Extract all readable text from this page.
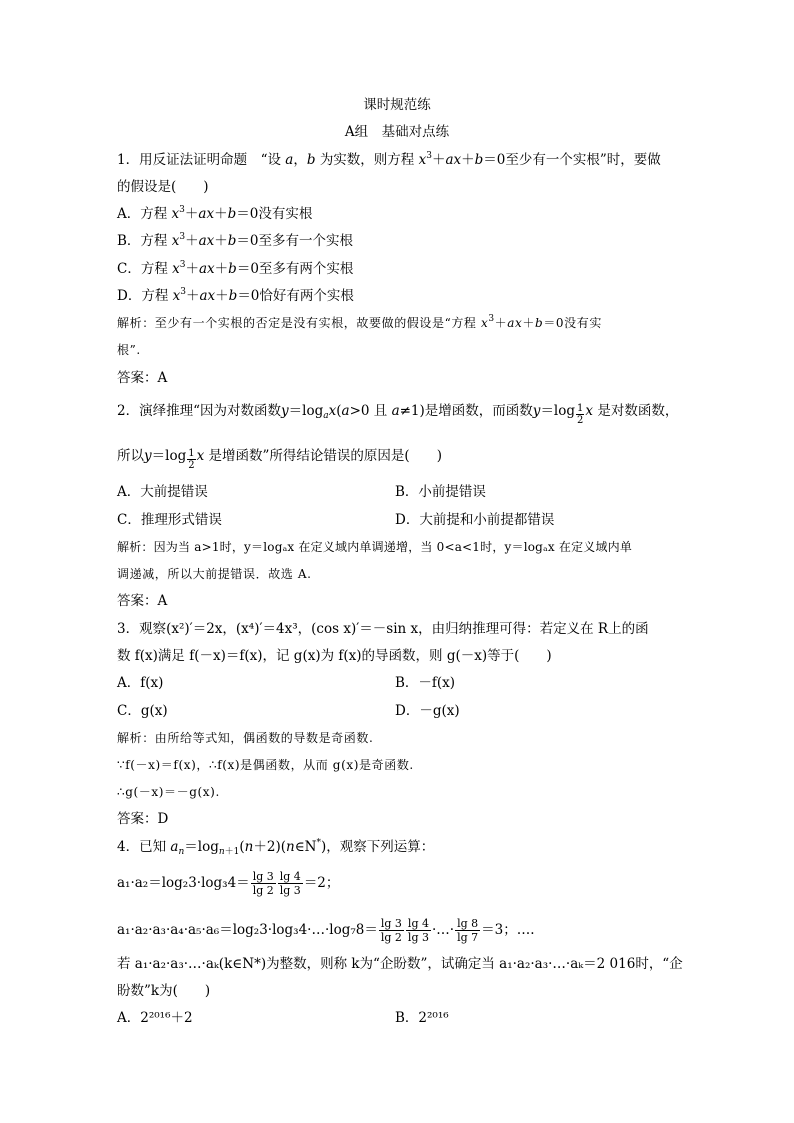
课时规范练
A组　基础对点练
1．用反证法证明命题　“设 a，b 为实数，则方程 $x^3+ax+b=0$至少有一个实根”时，要做
的假设是(　　)
A．方程 $x^3+ax+b=0$没有实根
B．方程 $x^3+ax+b=0$至多有一个实根
C．方程 $x^3+ax+b=0$至多有两个实根
D．方程 $x^3+ax+b=0$恰好有两个实根
解析：至少有一个实根的否定是没有实根，故要做的假设是“方程 $x^3+ax+b=0$没有实
根”.
答案：A
2．演绎推理“因为对数函数$y=\log_ax(a>0$ 且 a≠1)是增函数，而函数$y=\log \frac{1}{2}$ x 是对数函数，
所以$y=\log \frac{1}{2}$ x 是增函数”所得结论错误的原因是(　　)
A．大前提错误	B．小前提错误
C．推理形式错误	D．大前提和小前提都错误
解析：因为当 a>1时，y＝logₐx 在定义域内单调递增，当 0<a<1时，y＝logₐx 在定义域内单
调递减，所以大前提错误．故选 A.
答案：A
3．观察(x²)′＝2x，(x⁴)′＝4x³，(cos x)′＝－sin x，由归纳推理可得：若定义在 R上的函
数 f(x)满足 f(－x)＝f(x)，记 g(x)为 f(x)的导函数，则 g(－x)等于(　　)
A．f(x)	B．－f(x)
C．g(x)	D．－g(x)
解析：由所给等式知，偶函数的导数是奇函数.
∵f(－x)＝f(x)，∴f(x)是偶函数，从而 g(x)是奇函数.
∴g(－x)＝－g(x).
答案：D
4．已知 $a_n=\log_{n+1}(n+2)(n\in N^*)$，观察下列运算：
$a_1\cdot a_2=\log_23\cdot\log_34= \frac{\lg 3}{\lg 2} \frac{\lg 4}{\lg 3} =2$；
a₁·a₂·a₃·a₄·a₅·a₆＝log₂3·log₃4·…·log₇8＝ $\frac{\lg 3}{\lg 2} \frac{\lg 4}{\lg 3}$ ·…· $\frac{\lg 8}{\lg 7} =3$；….
若 a₁·a₂·a₃·…·aₖ(k∈N*)为整数，则称 k为“企盼数”，试确定当 a₁·a₂·a₃·…·aₖ＝2 016时，“企
盼数”k为(　　)
A．2²⁰¹⁶＋2	B．2²⁰¹⁶
